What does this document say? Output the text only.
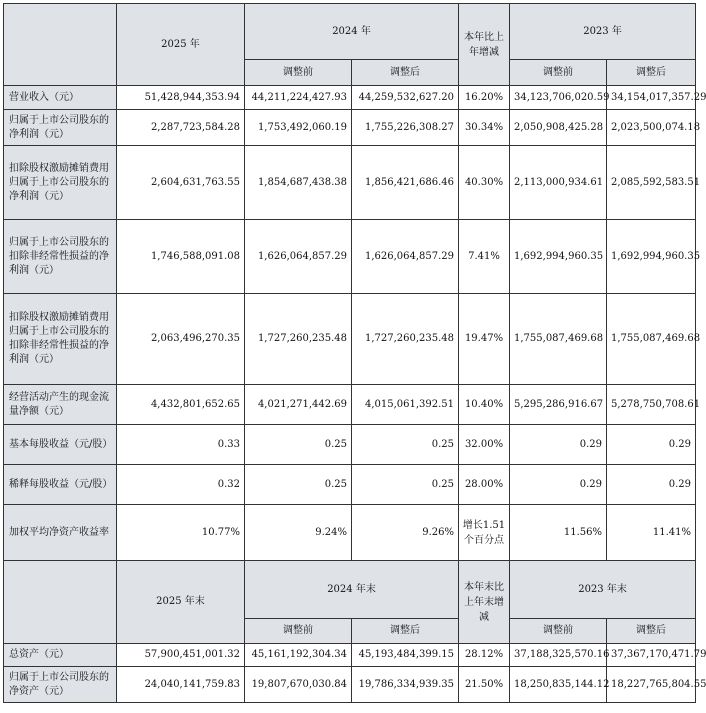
	2025 年	2024 年		本年比上年增减	2023 年	
		调整前	调整后		调整前	调整后
营业收入（元）	51,428,944,353.94	44,211,224,427.93	44,259,532,627.20	16.20%	34,123,706,020.59	34,154,017,357.29
归属于上市公司股东的净利润（元）	2,287,723,584.28	1,753,492,060.19	1,755,226,308.27	30.34%	2,050,908,425.28	2,023,500,074.18
扣除股权激励摊销费用归属于上市公司股东的净利润（元）	2,604,631,763.55	1,854,687,438.38	1,856,421,686.46	40.30%	2,113,000,934.61	2,085,592,583.51
归属于上市公司股东的扣除非经常性损益的净利润（元）	1,746,588,091.08	1,626,064,857.29	1,626,064,857.29	7.41%	1,692,994,960.35	1,692,994,960.35
扣除股权激励摊销费用归属于上市公司股东的扣除非经常性损益的净利润（元）	2,063,496,270.35	1,727,260,235.48	1,727,260,235.48	19.47%	1,755,087,469.68	1,755,087,469.68
经营活动产生的现金流量净额（元）	4,432,801,652.65	4,021,271,442.69	4,015,061,392.51	10.40%	5,295,286,916.67	5,278,750,708.61
基本每股收益（元/股）	0.33	0.25	0.25	32.00%	0.29	0.29
稀释每股收益（元/股）	0.32	0.25	0.25	28.00%	0.29	0.29
加权平均净资产收益率	10.77%	9.24%	9.26%	增长1.51 个百分点	11.56%	11.41%
	2025 年末	2024 年末		本年末比上年末增减	2023 年末	
		调整前	调整后		调整前	调整后
总资产（元）	57,900,451,001.32	45,161,192,304.34	45,193,484,399.15	28.12%	37,188,325,570.16	37,367,170,471.79
归属于上市公司股东的净资产（元）	24,040,141,759.83	19,807,670,030.84	19,786,334,939.35	21.50%	18,250,835,144.12	18,227,765,804.55
